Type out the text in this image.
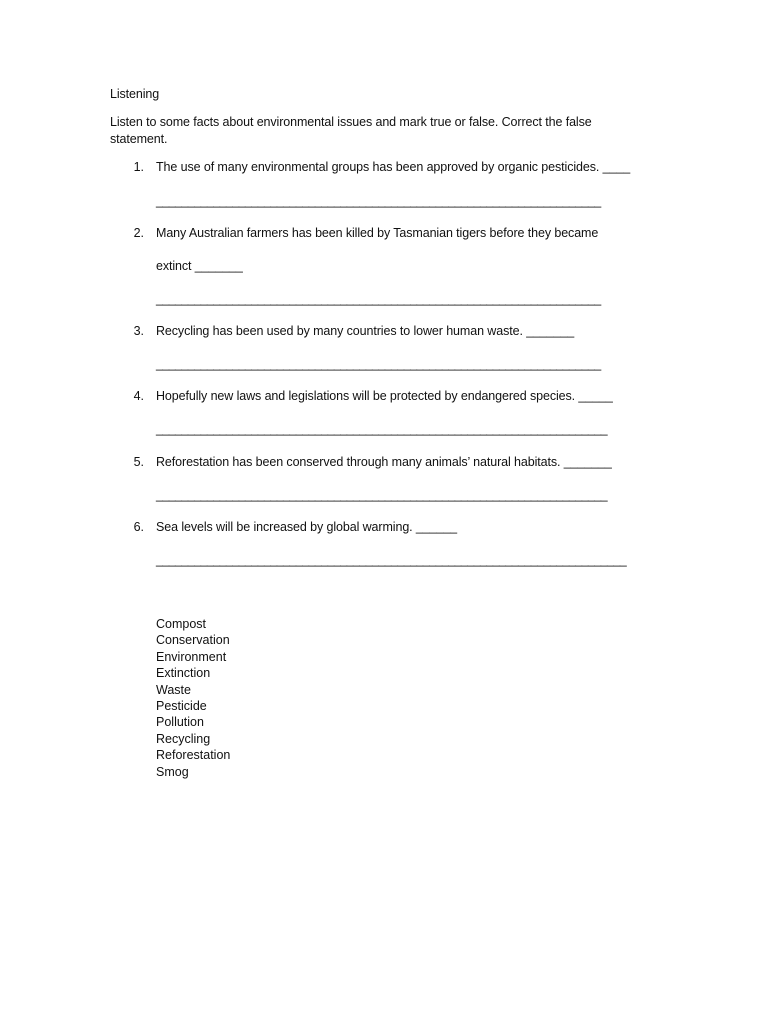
Listening
Listen to some facts about environmental issues and mark true or false. Correct the false statement.
1. The use of many environmental groups has been approved by organic pesticides. ____
______________________________________________________________________
2. Many Australian farmers has been killed by Tasmanian tigers before they became
extinct _______
______________________________________________________________________
3. Recycling has been used by many countries to lower human waste. _______
______________________________________________________________________
4. Hopefully new laws and legislations will be protected by endangered species. _____
_______________________________________________________________________
5. Reforestation has been conserved through many animals’ natural habitats. _______
_______________________________________________________________________
6. Sea levels will be increased by global warming. ______
__________________________________________________________________________
Compost
Conservation
Environment
Extinction
Waste
Pesticide
Pollution
Recycling
Reforestation
Smog
